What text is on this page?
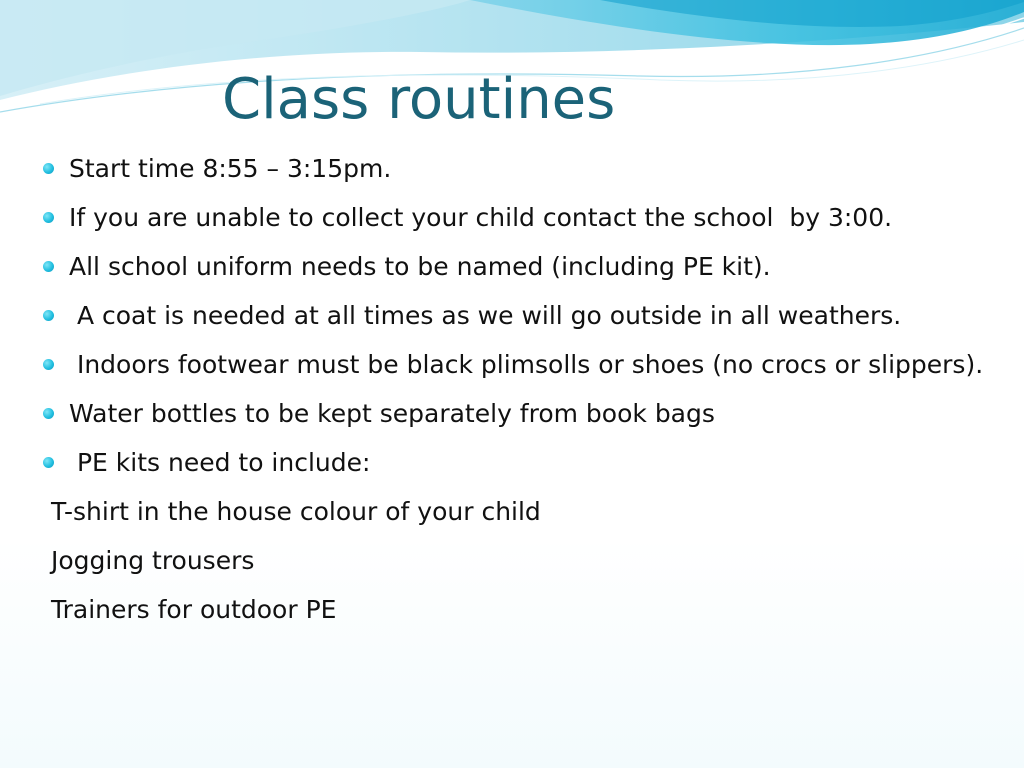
Class routines
Start time 8:55 – 3:15pm.
If you are unable to collect your child contact the school  by 3:00.
All school uniform needs to be named (including PE kit).
A coat is needed at all times as we will go outside in all weathers.
Indoors footwear must be black plimsolls or shoes (no crocs or slippers).
Water bottles to be kept separately from book bags
PE kits need to include:

T-shirt in the house colour of your child

Jogging trousers

Trainers for outdoor PE
